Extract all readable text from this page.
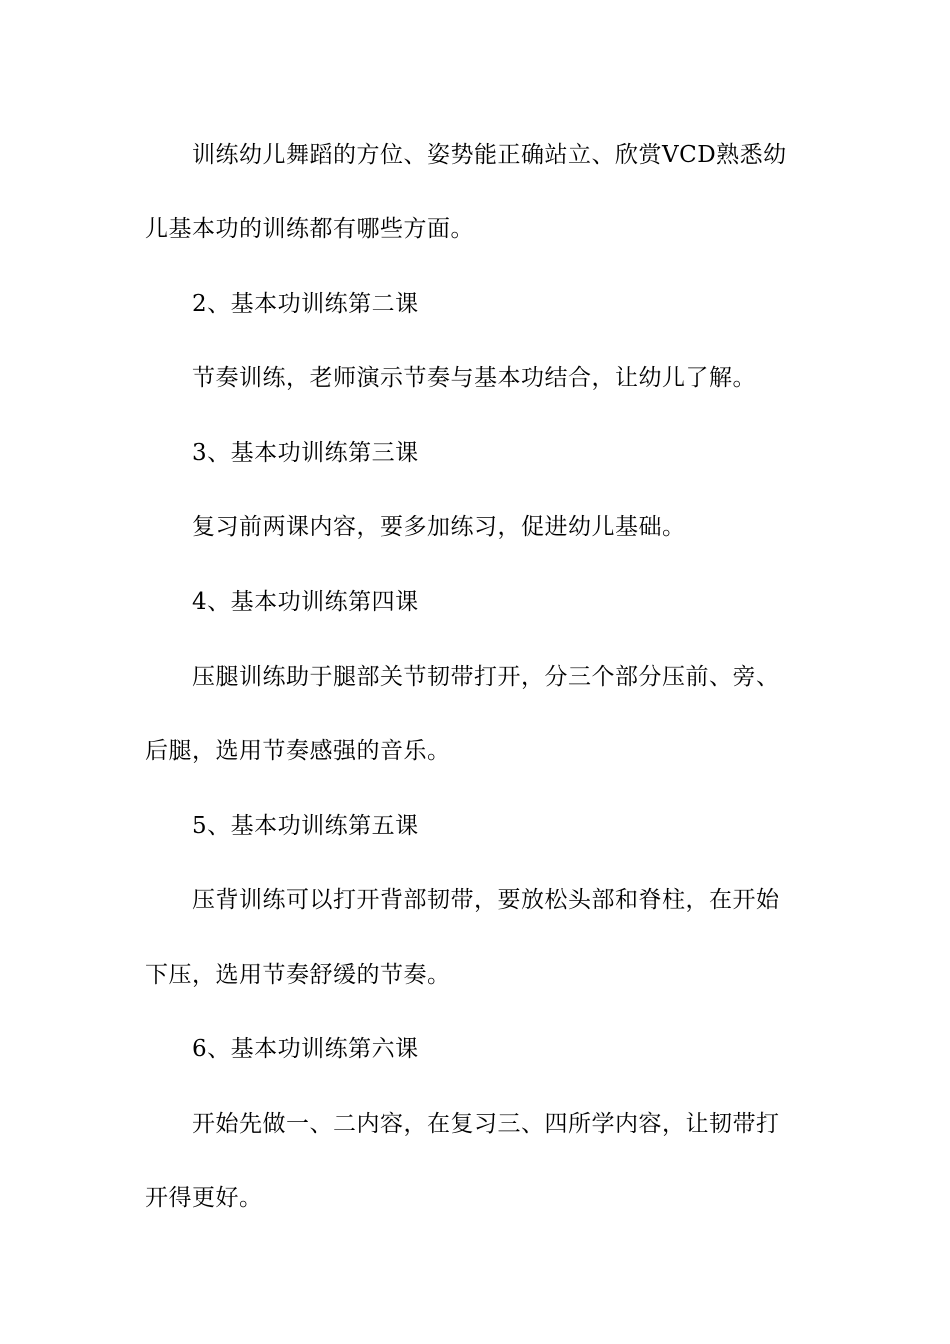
训练幼儿舞蹈的方位、姿势能正确站立、欣赏VCD熟悉幼
儿基本功的训练都有哪些方面。
2、基本功训练第二课
节奏训练，老师演示节奏与基本功结合，让幼儿了解。
3、基本功训练第三课
复习前两课内容，要多加练习，促进幼儿基础。
4、基本功训练第四课
压腿训练助于腿部关节韧带打开，分三个部分压前、旁、
后腿，选用节奏感强的音乐。
5、基本功训练第五课
压背训练可以打开背部韧带，要放松头部和脊柱，在开始
下压，选用节奏舒缓的节奏。
6、基本功训练第六课
开始先做一、二内容，在复习三、四所学内容，让韧带打
开得更好。
